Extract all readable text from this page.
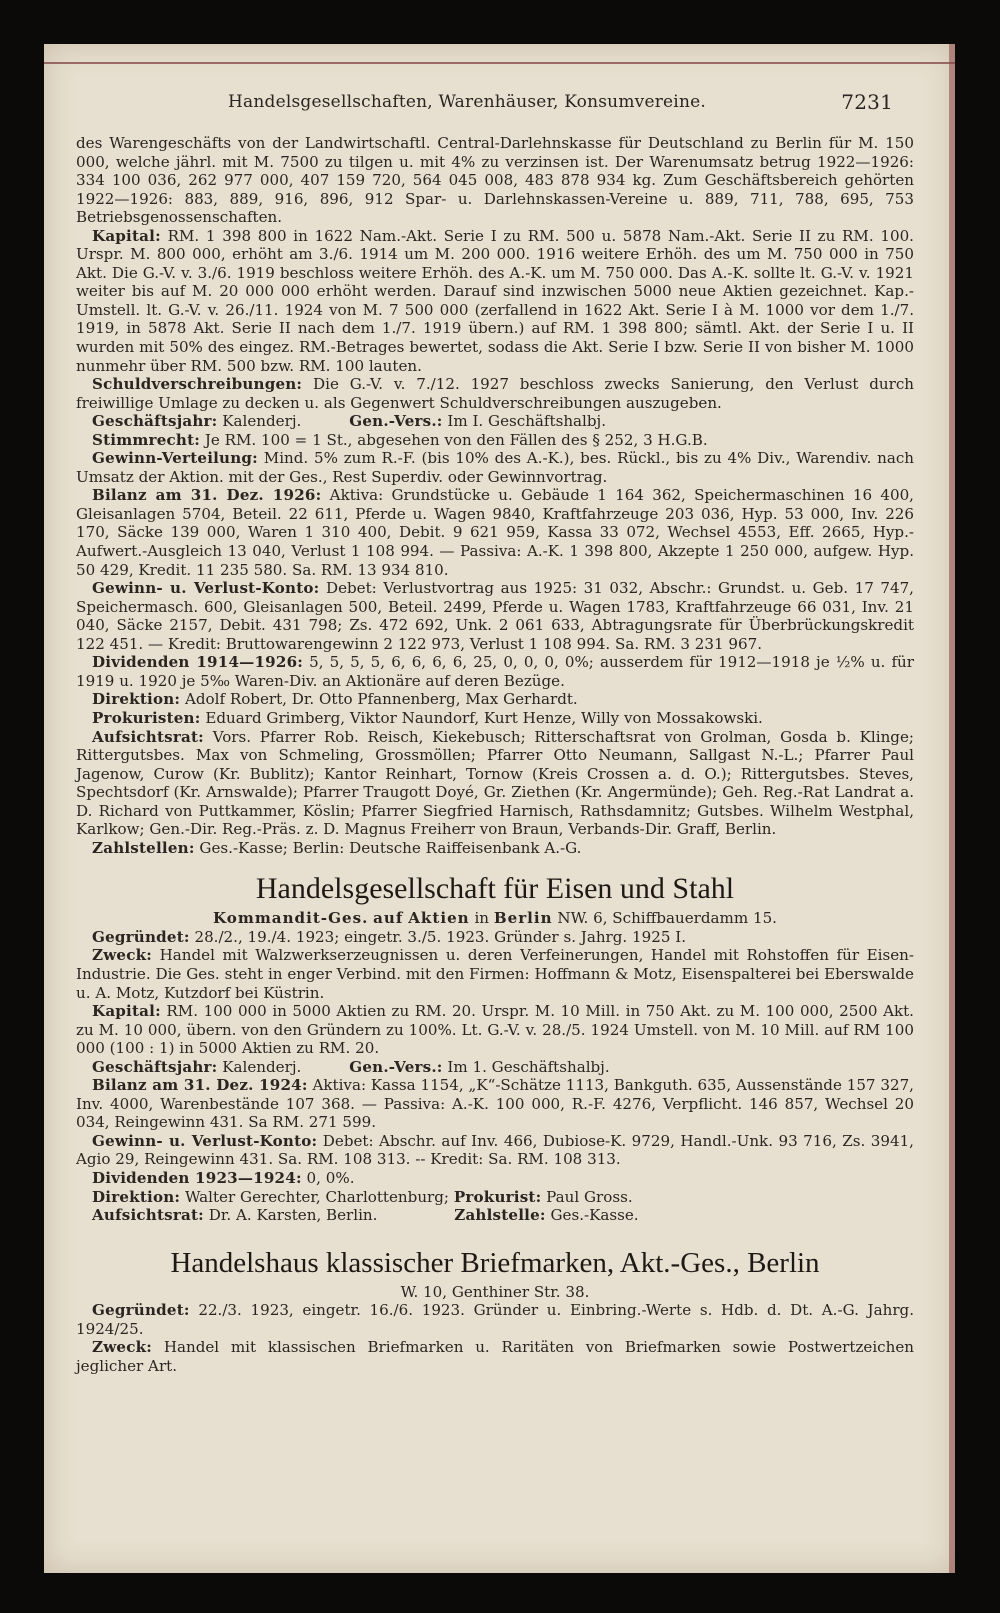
Handelsgesellschaften, Warenhäuser, Konsumvereine.	7231

des Warengeschäfts von der Landwirtschaftl. Central-Darlehnskasse für Deutschland zu Berlin für M. 150 000, welche jährl. mit M. 7500 zu tilgen u. mit 4% zu verzinsen ist. Der Warenumsatz betrug 1922—1926: 334 100 036, 262 977 000, 407 159 720, 564 045 008, 483 878 934 kg. Zum Geschäftsbereich gehörten 1922—1926: 883, 889, 916, 896, 912 Spar- u. Darlehnskassen-Vereine u. 889, 711, 788, 695, 753 Betriebsgenossenschaften.

Kapital: RM. 1 398 800 in 1622 Nam.-Akt. Serie I zu RM. 500 u. 5878 Nam.-Akt. Serie II zu RM. 100. Urspr. M. 800 000, erhöht am 3./6. 1914 um M. 200 000. 1916 weitere Erhöh. des um M. 750 000 in 750 Akt. Die G.-V. v. 3./6. 1919 beschloss weitere Erhöh. des A.-K. um M. 750 000. Das A.-K. sollte lt. G.-V. v. 1921 weiter bis auf M. 20 000 000 erhöht werden. Darauf sind inzwischen 5000 neue Aktien gezeichnet. Kap.-Umstell. lt. G.-V. v. 26./11. 1924 von M. 7 500 000 (zerfallend in 1622 Akt. Serie I à M. 1000 vor dem 1./7. 1919, in 5878 Akt. Serie II nach dem 1./7. 1919 übern.) auf RM. 1 398 800; sämtl. Akt. der Serie I u. II wurden mit 50% des eingez. RM.-Betrages bewertet, sodass die Akt. Serie I bzw. Serie II von bisher M. 1000 nunmehr über RM. 500 bzw. RM. 100 lauten.

Schuldverschreibungen: Die G.-V. v. 7./12. 1927 beschloss zwecks Sanierung, den Verlust durch freiwillige Umlage zu decken u. als Gegenwert Schuldverschreibungen auszugeben.

Geschäftsjahr: Kalenderj.	Gen.-Vers.: Im I. Geschäftshalbj.

Stimmrecht: Je RM. 100 = 1 St., abgesehen von den Fällen des § 252, 3 H.G.B.

Gewinn-Verteilung: Mind. 5% zum R.-F. (bis 10% des A.-K.), bes. Rückl., bis zu 4% Div., Warendiv. nach Umsatz der Aktion. mit der Ges., Rest Superdiv. oder Gewinnvortrag.

Bilanz am 31. Dez. 1926: Aktiva: Grundstücke u. Gebäude 1 164 362, Speichermaschinen 16 400, Gleisanlagen 5704, Beteil. 22 611, Pferde u. Wagen 9840, Kraftfahrzeuge 203 036, Hyp. 53 000, Inv. 226 170, Säcke 139 000, Waren 1 310 400, Debit. 9 621 959, Kassa 33 072, Wechsel 4553, Eff. 2665, Hyp.-Aufwert.-Ausgleich 13 040, Verlust 1 108 994. — Passiva: A.-K. 1 398 800, Akzepte 1 250 000, aufgew. Hyp. 50 429, Kredit. 11 235 580. Sa. RM. 13 934 810.

Gewinn- u. Verlust-Konto: Debet: Verlustvortrag aus 1925: 31 032, Abschr.: Grundst. u. Geb. 17 747, Speichermasch. 600, Gleisanlagen 500, Beteil. 2499, Pferde u. Wagen 1783, Kraftfahrzeuge 66 031, Inv. 21 040, Säcke 2157, Debit. 431 798; Zs. 472 692, Unk. 2 061 633, Abtragungsrate für Überbrückungskredit 122 451. — Kredit: Bruttowarengewinn 2 122 973, Verlust 1 108 994. Sa. RM. 3 231 967.

Dividenden 1914—1926: 5, 5, 5, 5, 6, 6, 6, 6, 25, 0, 0, 0, 0%; ausserdem für 1912—1918 je ½% u. für 1919 u. 1920 je 5‰ Waren-Div. an Aktionäre auf deren Bezüge.

Direktion: Adolf Robert, Dr. Otto Pfannenberg, Max Gerhardt.

Prokuristen: Eduard Grimberg, Viktor Naundorf, Kurt Henze, Willy von Mossakowski.

Aufsichtsrat: Vors. Pfarrer Rob. Reisch, Kiekebusch; Ritterschaftsrat von Grolman, Gosda b. Klinge; Rittergutsbes. Max von Schmeling, Grossmöllen; Pfarrer Otto Neumann, Sallgast N.-L.; Pfarrer Paul Jagenow, Curow (Kr. Bublitz); Kantor Reinhart, Tornow (Kreis Crossen a. d. O.); Rittergutsbes. Steves, Spechtsdorf (Kr. Arnswalde); Pfarrer Traugott Doyé, Gr. Ziethen (Kr. Angermünde); Geh. Reg.-Rat Landrat a. D. Richard von Puttkammer, Köslin; Pfarrer Siegfried Harnisch, Rathsdamnitz; Gutsbes. Wilhelm Westphal, Karlkow; Gen.-Dir. Reg.-Präs. z. D. Magnus Freiherr von Braun, Verbands-Dir. Graff, Berlin.

Zahlstellen: Ges.-Kasse; Berlin: Deutsche Raiffeisenbank A.-G.

Handelsgesellschaft für Eisen und Stahl

Kommandit-Ges. auf Aktien in Berlin NW. 6, Schiffbauerdamm 15.

Gegründet: 28./2., 19./4. 1923; eingetr. 3./5. 1923. Gründer s. Jahrg. 1925 I.

Zweck: Handel mit Walzwerkserzeugnissen u. deren Verfeinerungen, Handel mit Rohstoffen für Eisen-Industrie. Die Ges. steht in enger Verbind. mit den Firmen: Hoffmann & Motz, Eisenspalterei bei Eberswalde u. A. Motz, Kutzdorf bei Küstrin.

Kapital: RM. 100 000 in 5000 Aktien zu RM. 20. Urspr. M. 10 Mill. in 750 Akt. zu M. 100 000, 2500 Akt. zu M. 10 000, übern. von den Gründern zu 100%. Lt. G.-V. v. 28./5. 1924 Umstell. von M. 10 Mill. auf RM 100 000 (100 : 1) in 5000 Aktien zu RM. 20.

Geschäftsjahr: Kalenderj.	Gen.-Vers.: Im 1. Geschäftshalbj.

Bilanz am 31. Dez. 1924: Aktiva: Kassa 1154, „K“-Schätze 1113, Bankguth. 635, Aussenstände 157 327, Inv. 4000, Warenbestände 107 368. — Passiva: A.-K. 100 000, R.-F. 4276, Verpflicht. 146 857, Wechsel 20 034, Reingewinn 431. Sa RM. 271 599.

Gewinn- u. Verlust-Konto: Debet: Abschr. auf Inv. 466, Dubiose-K. 9729, Handl.-Unk. 93 716, Zs. 3941, Agio 29, Reingewinn 431. Sa. RM. 108 313. -- Kredit: Sa. RM. 108 313.

Dividenden 1923—1924: 0, 0%.

Direktion: Walter Gerechter, Charlottenburg; Prokurist: Paul Gross.

Aufsichtsrat: Dr. A. Karsten, Berlin.	Zahlstelle: Ges.-Kasse.

Handelshaus klassischer Briefmarken, Akt.-Ges., Berlin

W. 10, Genthiner Str. 38.

Gegründet: 22./3. 1923, eingetr. 16./6. 1923. Gründer u. Einbring.-Werte s. Hdb. d. Dt. A.-G. Jahrg. 1924/25.

Zweck: Handel mit klassischen Briefmarken u. Raritäten von Briefmarken sowie Postwertzeichen jeglicher Art.
